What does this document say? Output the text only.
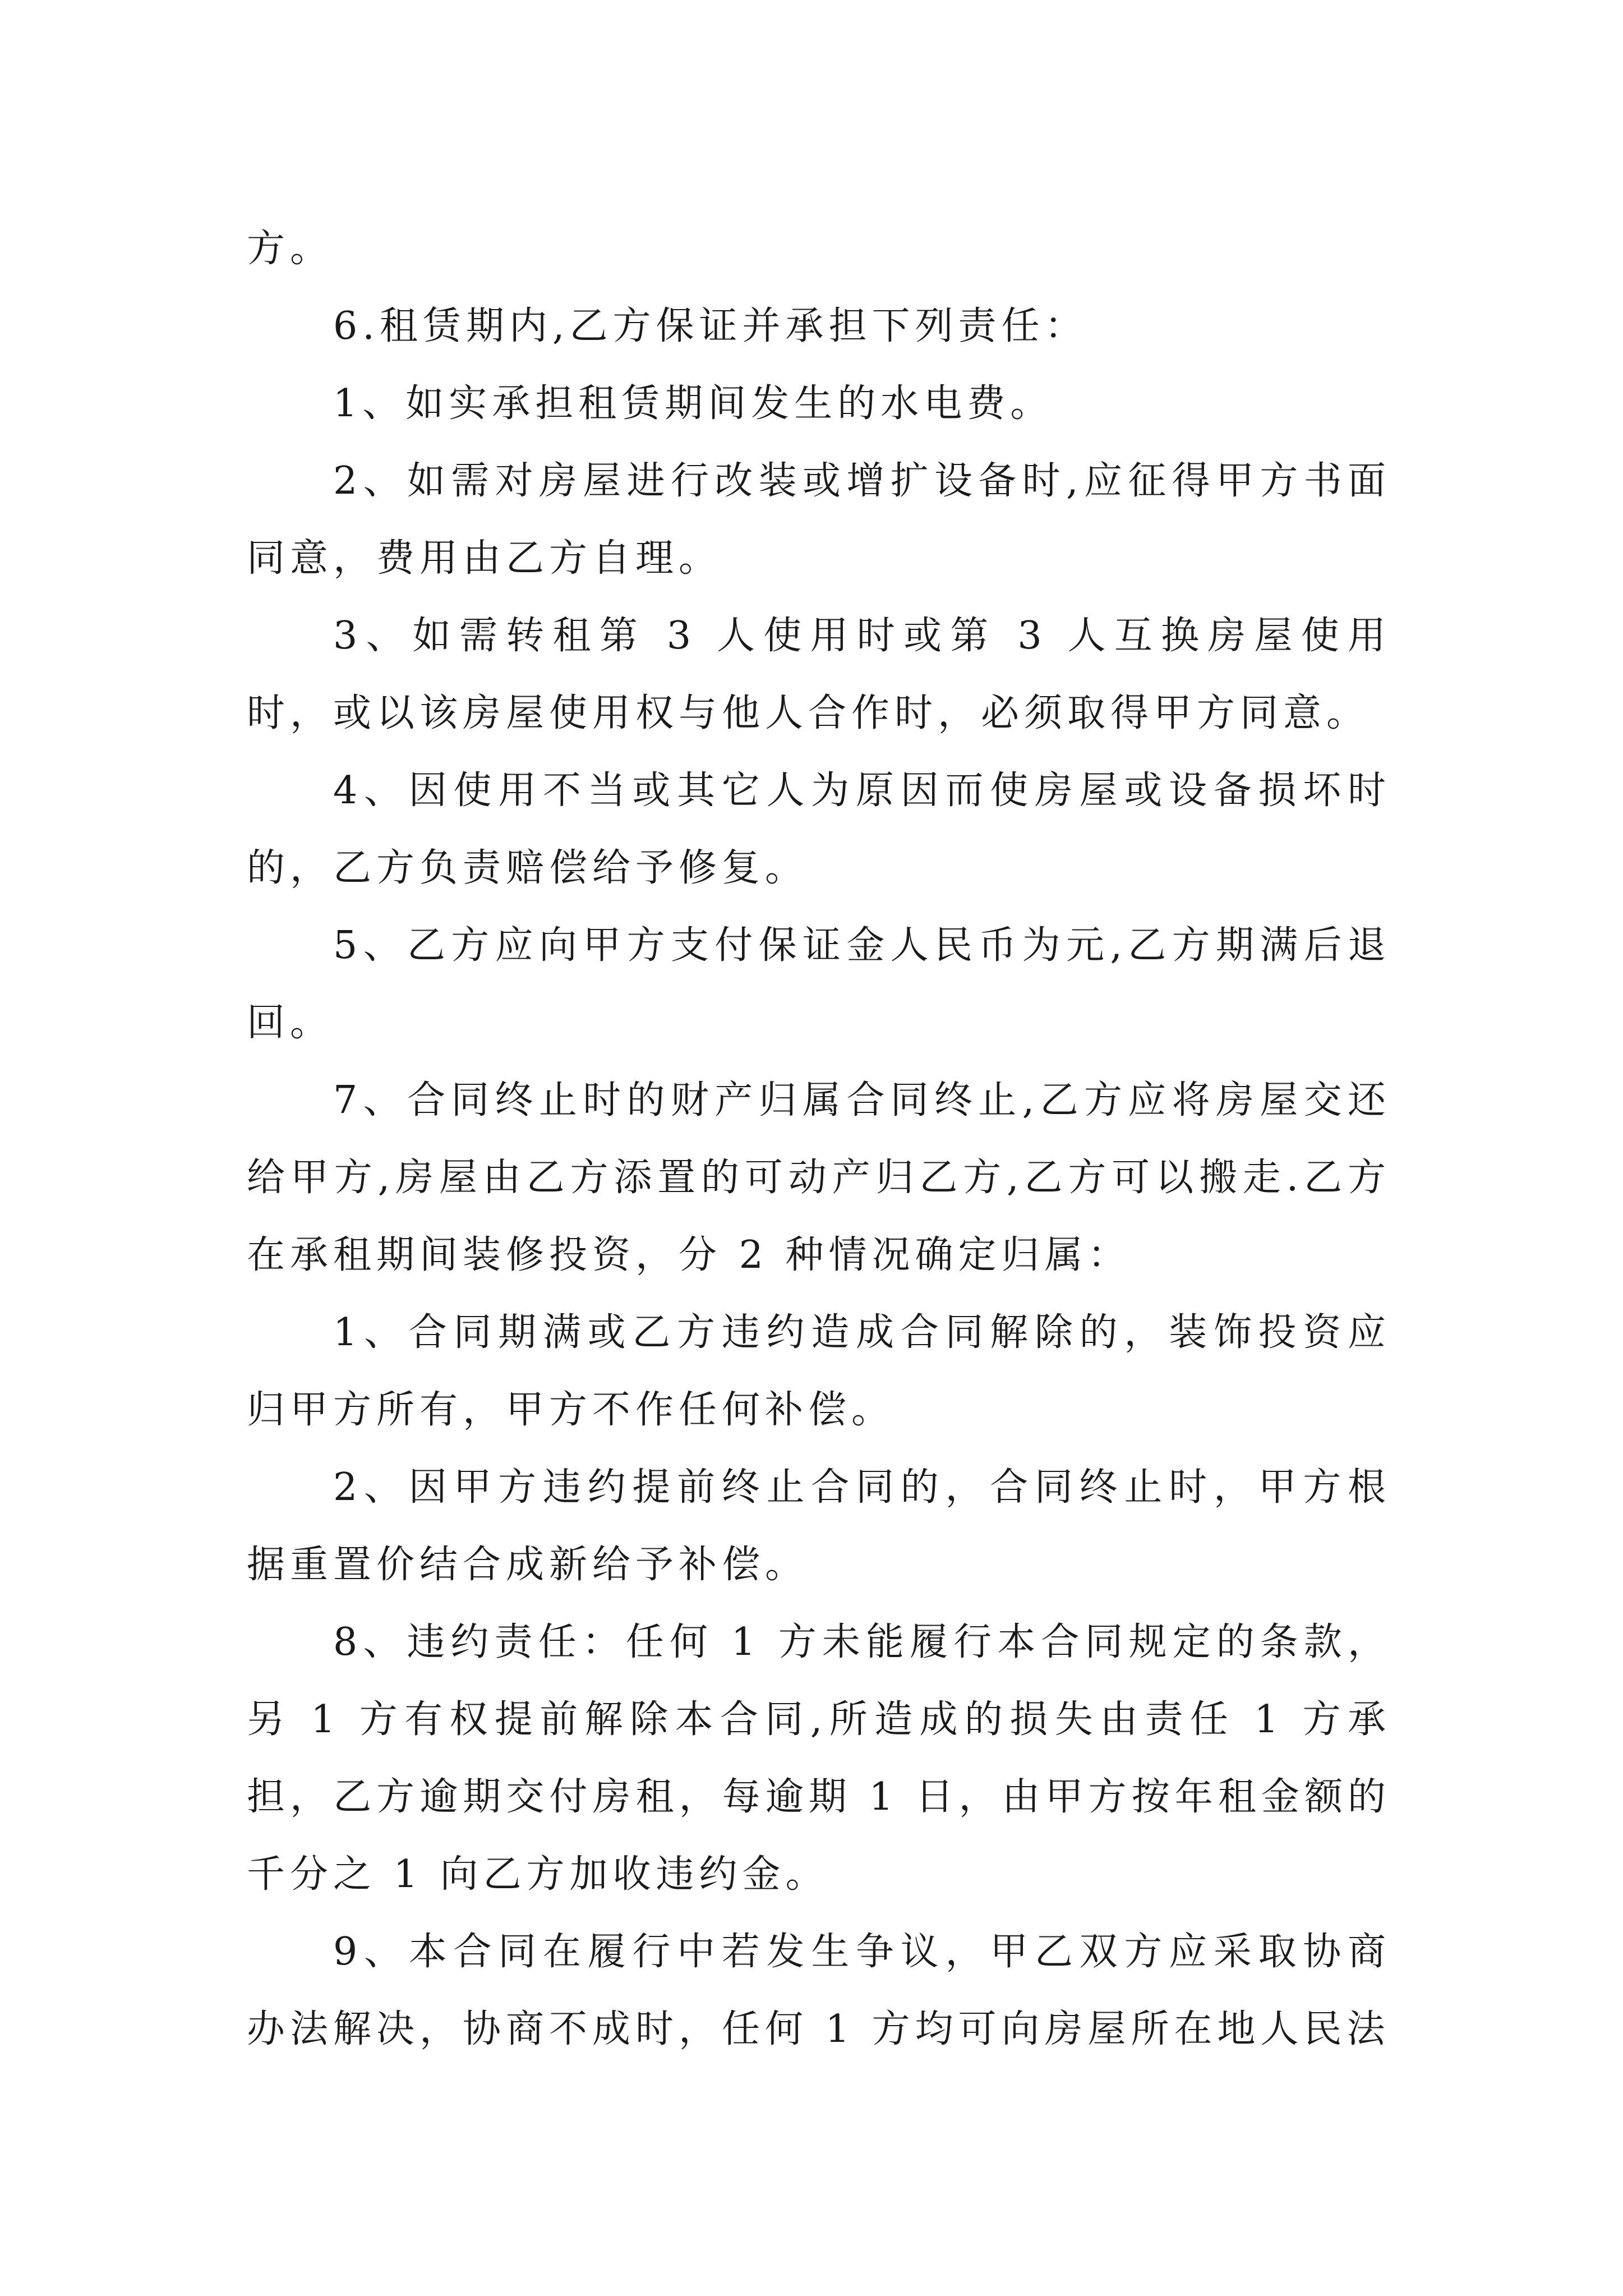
方。

6.租赁期内,乙方保证并承担下列责任：

1、如实承担租赁期间发生的水电费。

2、如需对房屋进行改装或增扩设备时,应征得甲方书面同意，费用由乙方自理。

3、如需转租第 3 人使用时或第 3 人互换房屋使用时，或以该房屋使用权与他人合作时，必须取得甲方同意。

4、因使用不当或其它人为原因而使房屋或设备损坏时的，乙方负责赔偿给予修复。

5、乙方应向甲方支付保证金人民币为元,乙方期满后退回。

7、合同终止时的财产归属合同终止,乙方应将房屋交还给甲方,房屋由乙方添置的可动产归乙方,乙方可以搬走.乙方在承租期间装修投资，分 2 种情况确定归属：

1、合同期满或乙方违约造成合同解除的，装饰投资应归甲方所有，甲方不作任何补偿。

2、因甲方违约提前终止合同的，合同终止时，甲方根据重置价结合成新给予补偿。

8、违约责任：任何 1 方未能履行本合同规定的条款，另 1 方有权提前解除本合同,所造成的损失由责任 1 方承担，乙方逾期交付房租，每逾期 1 日，由甲方按年租金额的千分之 1 向乙方加收违约金。

9、本合同在履行中若发生争议，甲乙双方应采取协商办法解决，协商不成时，任何 1 方均可向房屋所在地人民法
